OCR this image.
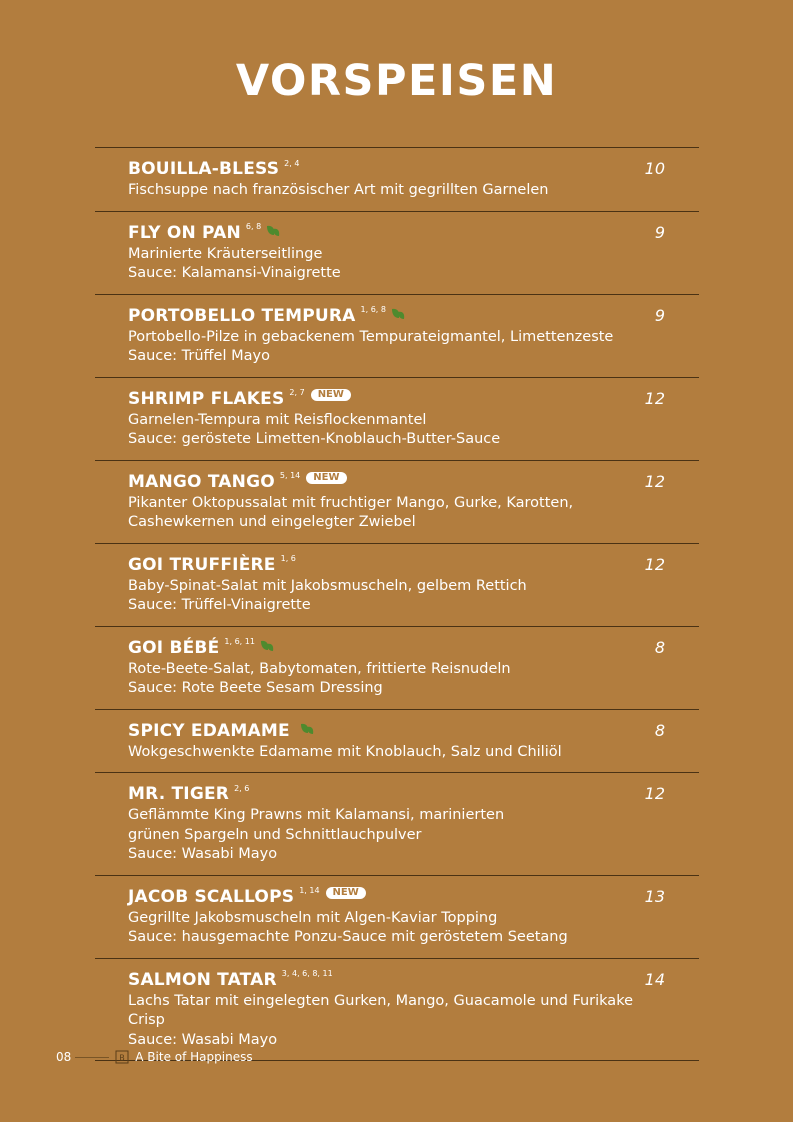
VORSPEISEN
BOUILLA-BLESS $^{2, 4}$	10
Fischsuppe nach französischer Art mit gegrillten Garnelen
FLY ON PAN $^{6, 8}$	9
Marinierte Kräuterseitlinge
Sauce: Kalamansi-Vinaigrette
PORTOBELLO TEMPURA $^{1, 6, 8}$	9
Portobello-Pilze in gebackenem Tempurateigmantel, Limettenzeste
Sauce: Trüffel Mayo
SHRIMP FLAKES $^{2, 7}$	NEW	12
Garnelen-Tempura mit Reisflockenmantel
Sauce: geröstete Limetten-Knoblauch-Butter-Sauce
MANGO TANGO $^{5, 14}$	NEW	12
Pikanter Oktopussalat mit fruchtiger Mango, Gurke, Karotten,
Cashewkernen und eingelegter Zwiebel
GOI TRUFFIÈRE $^{1, 6}$	12
Baby-Spinat-Salat mit Jakobsmuscheln, gelbem Rettich
Sauce: Trüffel-Vinaigrette
GOI BÉBÉ $^{1, 6, 11}$	8
Rote-Beete-Salat, Babytomaten, frittierte Reisnudeln
Sauce: Rote Beete Sesam Dressing
SPICY EDAMAME	8
Wokgeschwenkte Edamame mit Knoblauch, Salz und Chiliöl
MR. TIGER $^{2, 6}$	12
Geflämmte King Prawns mit Kalamansi, marinierten
grünen Spargeln und Schnittlauchpulver
Sauce: Wasabi Mayo
JACOB SCALLOPS $^{1, 14}$	NEW	13
Gegrillte Jakobsmuscheln mit Algen-Kaviar Topping
Sauce: hausgemachte Ponzu-Sauce mit geröstetem Seetang
SALMON TATAR $^{3, 4, 6, 8, 11}$	14
Lachs Tatar mit eingelegten Gurken, Mango, Guacamole und Furikake Crisp
Sauce: Wasabi Mayo
08	B A Bite of Happiness
